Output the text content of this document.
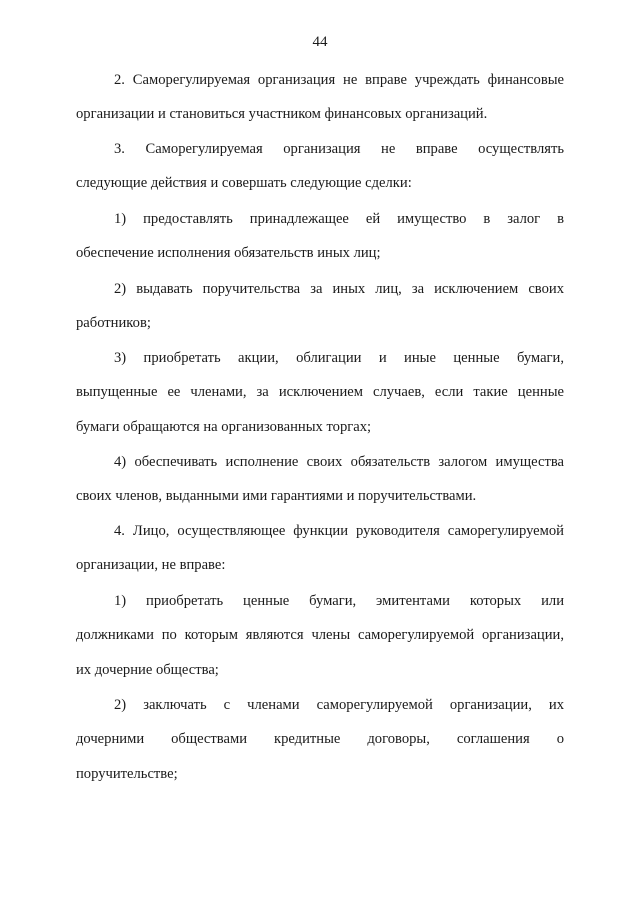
44
2. Саморегулируемая организация не вправе учреждать финансовые
организации и становиться участником финансовых организаций.
3. Саморегулируемая организация не вправе осуществлять
следующие действия и совершать следующие сделки:
1) предоставлять принадлежащее ей имущество в залог в
обеспечение исполнения обязательств иных лиц;
2) выдавать поручительства за иных лиц, за исключением своих
работников;
3) приобретать акции, облигации и иные ценные бумаги,
выпущенные ее членами, за исключением случаев, если такие ценные
бумаги обращаются на организованных торгах;
4) обеспечивать исполнение своих обязательств залогом имущества
своих членов, выданными ими гарантиями и поручительствами.
4. Лицо, осуществляющее функции руководителя саморегулируемой
организации, не вправе:
1) приобретать ценные бумаги, эмитентами которых или
должниками по которым являются члены саморегулируемой организации,
их дочерние общества;
2) заключать с членами саморегулируемой организации, их
дочерними обществами кредитные договоры, соглашения о
поручительстве;
